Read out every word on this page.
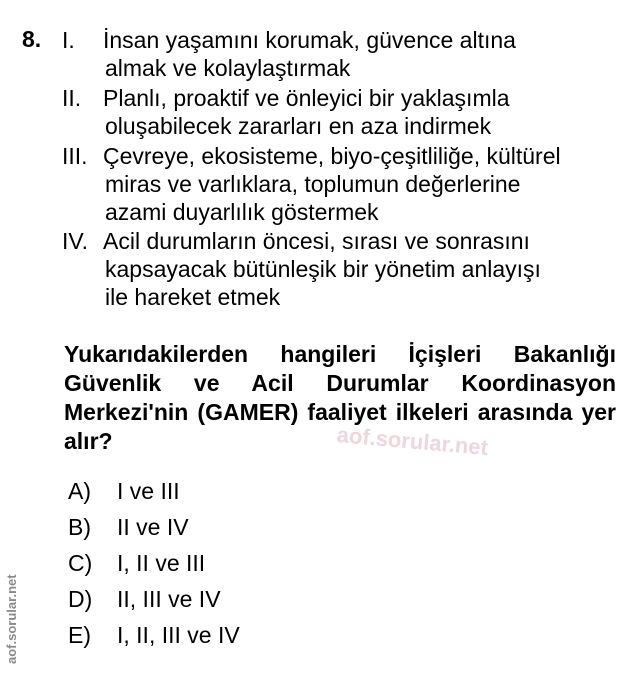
8. I. İnsan yaşamını korumak, güvence altına
almak ve kolaylaştırmak
II. Planlı, proaktif ve önleyici bir yaklaşımla
oluşabilecek zararları en aza indirmek
III. Çevreye, ekosisteme, biyo-çeşitliliğe, kültürel
miras ve varlıklara, toplumun değerlerine
azami duyarlılık göstermek
IV. Acil durumların öncesi, sırası ve sonrasını
kapsayacak bütünleşik bir yönetim anlayışı
ile hareket etmek
Yukarıdakilerden hangileri İçişleri Bakanlığı Güvenlik ve Acil Durumlar Koordinasyon Merkezi'nin (GAMER) faaliyet ilkeleri arasında yer alır?	aof.sorular.net
A) I ve III
B) II ve IV
C) I, II ve III
D) II, III ve IV
E) I, II, III ve IV
aof.sorular.net
